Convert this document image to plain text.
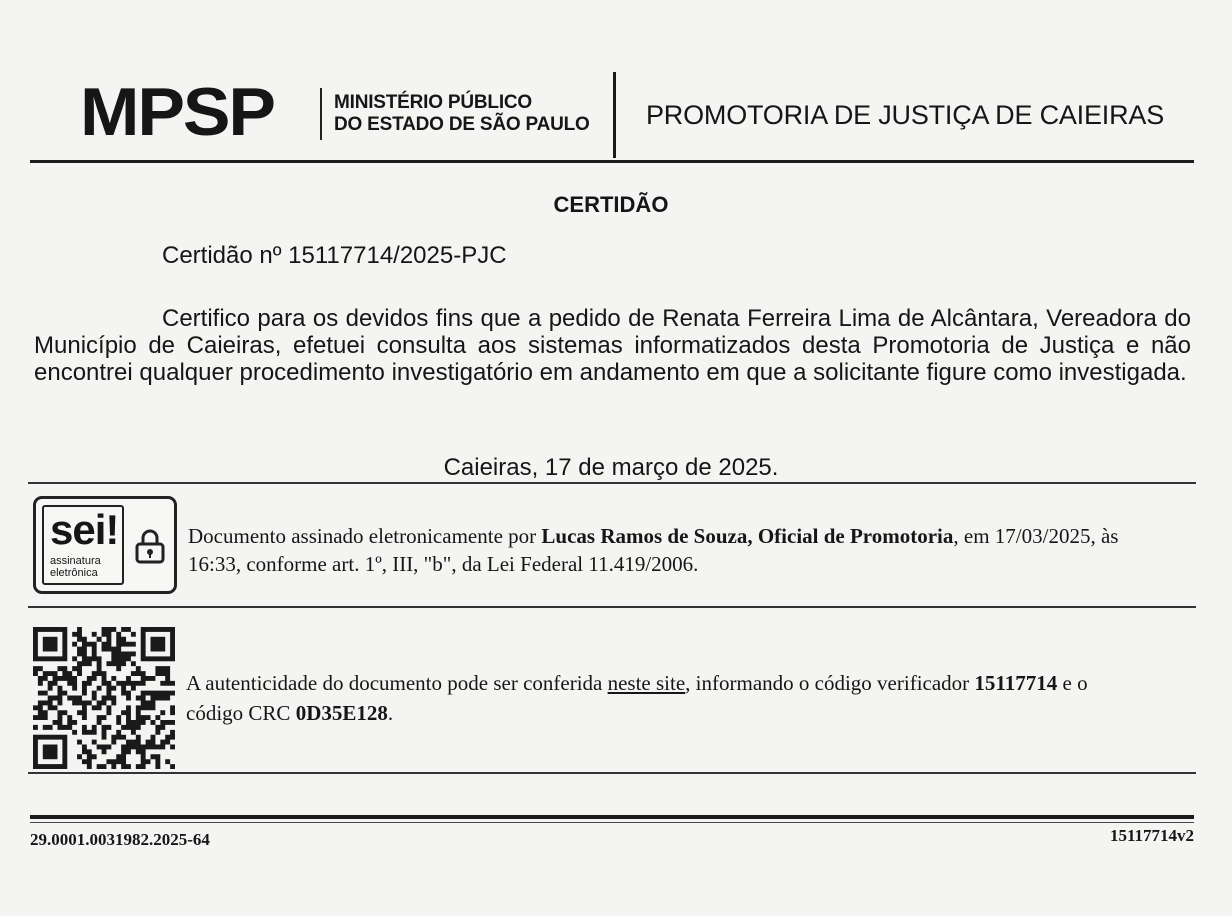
MPSP	MINISTÉRIO PÚBLICO
DO ESTADO DE SÃO PAULO PROMOTORIA DE JUSTIÇA DE CAIEIRAS
CERTIDÃO
Certidão nº 15117714/2025-PJC
Certifico para os devidos fins que a pedido de Renata Ferreira Lima de Alcântara, Vereadora do Município de Caieiras, efetuei consulta aos sistemas informatizados desta Promotoria de Justiça e não encontrei qualquer procedimento investigatório em andamento em que a solicitante figure como investigada.
Caieiras, 17 de março de 2025.
sei!
assinatura
eletrônica
Documento assinado eletronicamente por Lucas Ramos de Souza, Oficial de Promotoria, em 17/03/2025, às 16:33, conforme art. 1º, III, "b", da Lei Federal 11.419/2006.
A autenticidade do documento pode ser conferida neste site, informando o código verificador 15117714 e o código CRC 0D35E128.
29.0001.0031982.2025-64	15117714v2
